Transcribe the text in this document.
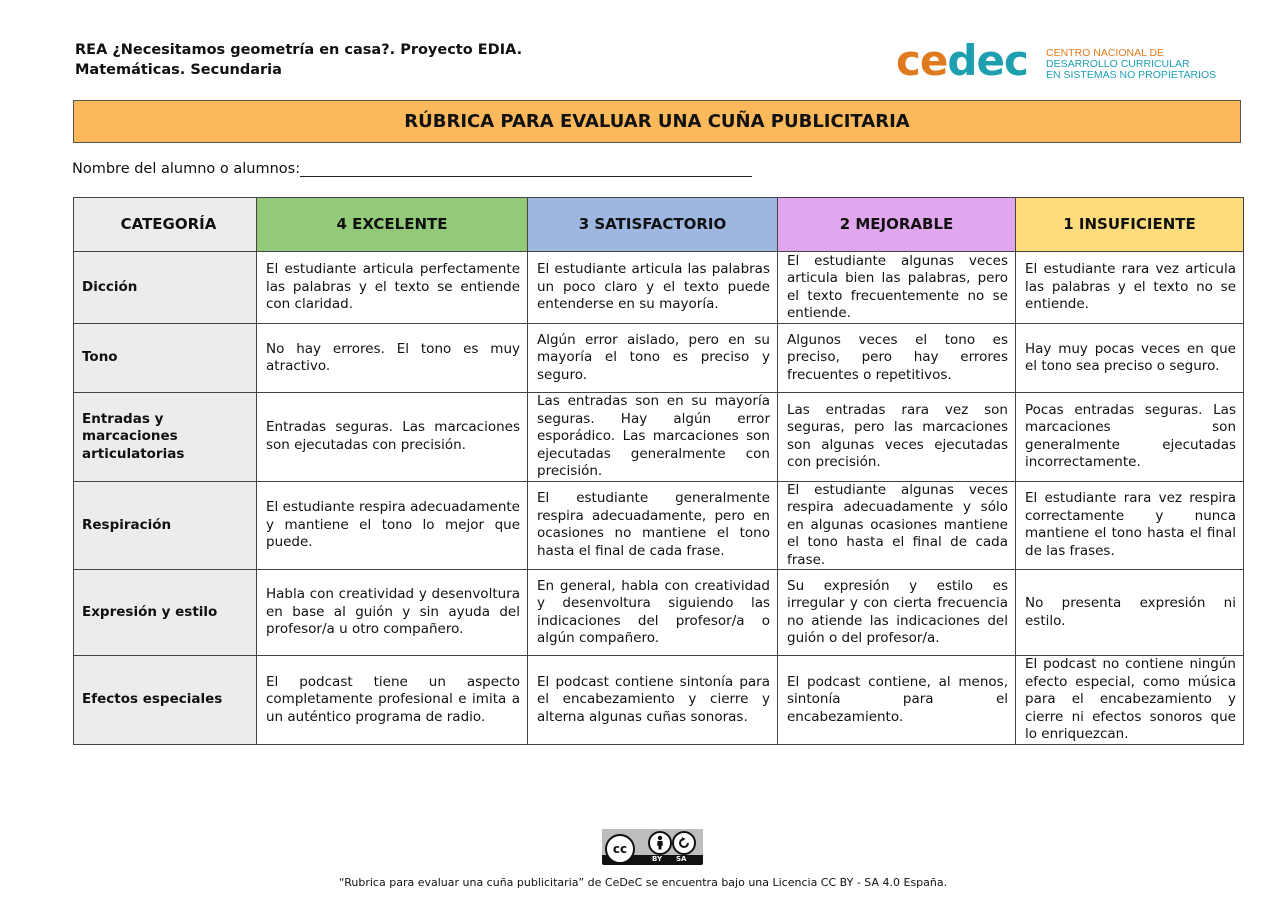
REA ¿Necesitamos geometría en casa?. Proyecto EDIA.
Matemáticas. Secundaria	cedec CENTRO NACIONAL DE
DESARROLLO CURRICULAR
EN SISTEMAS NO PROPIETARIOS
RÚBRICA PARA EVALUAR UNA CUÑA PUBLICITARIA
Nombre del alumno o alumnos:
CATEGORÍA	4 EXCELENTE	3 SATISFACTORIO	2 MEJORABLE	1 INSUFICIENTE
Dicción	El estudiante articula perfectamente las palabras y el texto se entiende con claridad.	El estudiante articula las palabras un poco claro y el texto puede entenderse en su mayoría.	El estudiante algunas veces articula bien las palabras, pero el texto frecuentemente no se entiende.	El estudiante rara vez articula las palabras y el texto no se entiende.
Tono	No hay errores. El tono es muy atractivo.	Algún error aislado, pero en su mayoría el tono es preciso y seguro.	Algunos veces el tono es preciso, pero hay errores frecuentes o repetitivos.	Hay muy pocas veces en que el tono sea preciso o seguro.
Entradas y marcaciones articulatorias	Entradas seguras. Las marcaciones son ejecutadas con precisión.	Las entradas son en su mayoría seguras. Hay algún error esporádico. Las marcaciones son ejecutadas generalmente con precisión.	Las entradas rara vez son seguras, pero las marcaciones son algunas veces ejecutadas con precisión.	Pocas entradas seguras. Las marcaciones son generalmente ejecutadas incorrectamente.
Respiración	El estudiante respira adecuadamente y mantiene el tono lo mejor que puede.	El estudiante generalmente respira adecuadamente, pero en ocasiones no mantiene el tono hasta el final de cada frase.	El estudiante algunas veces respira adecuadamente y sólo en algunas ocasiones mantiene el tono hasta el final de cada frase.	El estudiante rara vez respira correctamente y nunca mantiene el tono hasta el final de las frases.
Expresión y estilo	Habla con creatividad y desenvoltura en base al guión y sin ayuda del profesor/a u otro compañero.	En general, habla con creatividad y desenvoltura siguiendo las indicaciones del profesor/a o algún compañero.	Su expresión y estilo es irregular y con cierta frecuencia no atiende las indicaciones del guión o del profesor/a.	No presenta expresión ni estilo.
Efectos especiales	El podcast tiene un aspecto completamente profesional e imita a un auténtico programa de radio.	El podcast contiene sintonía para el encabezamiento y cierre y alterna algunas cuñas sonoras.	El podcast contiene, al menos, sintonía para el encabezamiento.	El podcast no contiene ningún efecto especial, como música para el encabezamiento y cierre ni efectos sonoros que lo enriquezcan.
cc
BY SA
“Rubrica para evaluar una cuña publicitaria” de CeDeC se encuentra bajo una Licencia CC BY - SA 4.0 España.
